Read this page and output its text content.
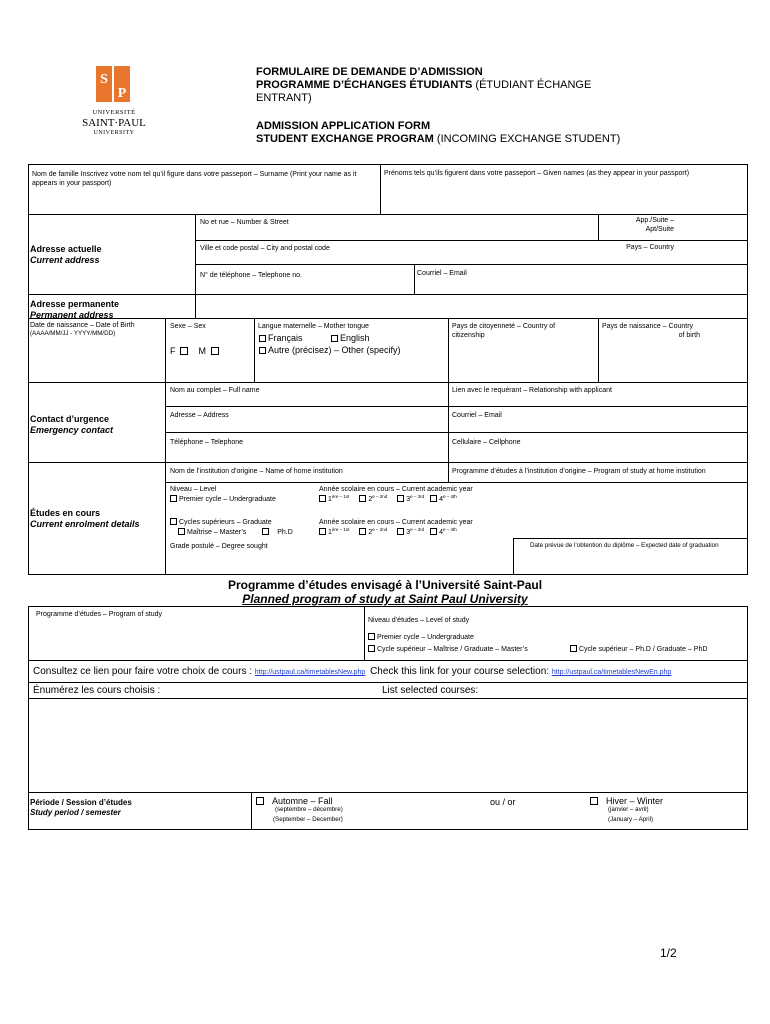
S
P
UNIVERSITÉ
SAINT·PAUL
UNIVERSITY
FORMULAIRE DE DEMANDE D’ADMISSION
PROGRAMME D’ÉCHANGES ÉTUDIANTS (ÉTUDIANT ÉCHANGE
ENTRANT)
ADMISSION APPLICATION FORM
STUDENT EXCHANGE PROGRAM (INCOMING EXCHANGE STUDENT)
Nom de famille Inscrivez votre nom tel qu’il figure dans votre passeport – Surname (Print your name as it appears in your passport)
Prénoms tels qu’ils figurent dans votre passeport – Given names (as they appear in your passport)
Adresse actuelle
Current address
No et rue – Number & Street	App./Suite –
Apt/Suite
Ville et code postal – City and postal code	Pays – Country
N° de téléphone – Telephone no.	Courriel – Email
Adresse permanente
Permanent address
Date de naissance – Date of Birth
(AAAA/MM/JJ - YYYY/MM/DD)
Sexe – Sex
F	M
Langue maternelle – Mother tongue
Français	English
Autre (précisez) – Other (specify)
Pays de citoyenneté – Country of
citizenship
Pays de naissance – Country
of birth
Contact d’urgence
Emergency contact
Nom au complet – Full name	Lien avec le requérant – Relationship with applicant
Adresse – Address	Courriel – Email
Téléphone – Telephone	Cellulaire – Cellphone
Études en cours
Current enrolment details
Nom de l’institution d’origine – Name of home institution	Programme d’études à l’institution d’origine – Program of study at home institution
Niveau – Level
Premier cycle – Undergraduate
Année scolaire en cours – Current academic year
$1^{ère - 1st}$	$2^{e - 2nd}$	$3^{e - 3rd}$ $4^{e - 4th}$
Cycles supérieurs – Graduate
Maîtrise – Master’s	Ph.D
Année scolaire en cours – Current academic year
$1^{ère - 1st}$	$2^{e - 2nd}$	$3^{e - 3rd}$ $4^{e - 4th}$
Grade postulé – Degree sought	Date prévue de l’obtention du diplôme – Expected date of graduation
Programme d’études envisagé à l’Université Saint-Paul
Planned program of study at Saint Paul University
Programme d’études – Program of study
Niveau d’études – Level of study
Premier cycle – Undergraduate
Cycle supérieur – Maîtrise / Graduate – Master’s	Cycle supérieur – Ph.D / Graduate – PhD
Consultez ce lien pour faire votre choix de cours : http://ustpaul.ca/timetablesNew.php Check this link for your course selection: http://ustpaul.ca/timetablesNewEn.php
Énumérez les cours choisis :	List selected courses:
Période / Session d’études
Study period / semester
Automne – Fall
(septembre – décembre)
(September – December)
ou / or	Hiver – Winter
(janvier – avril)
(January – April)
1/2
